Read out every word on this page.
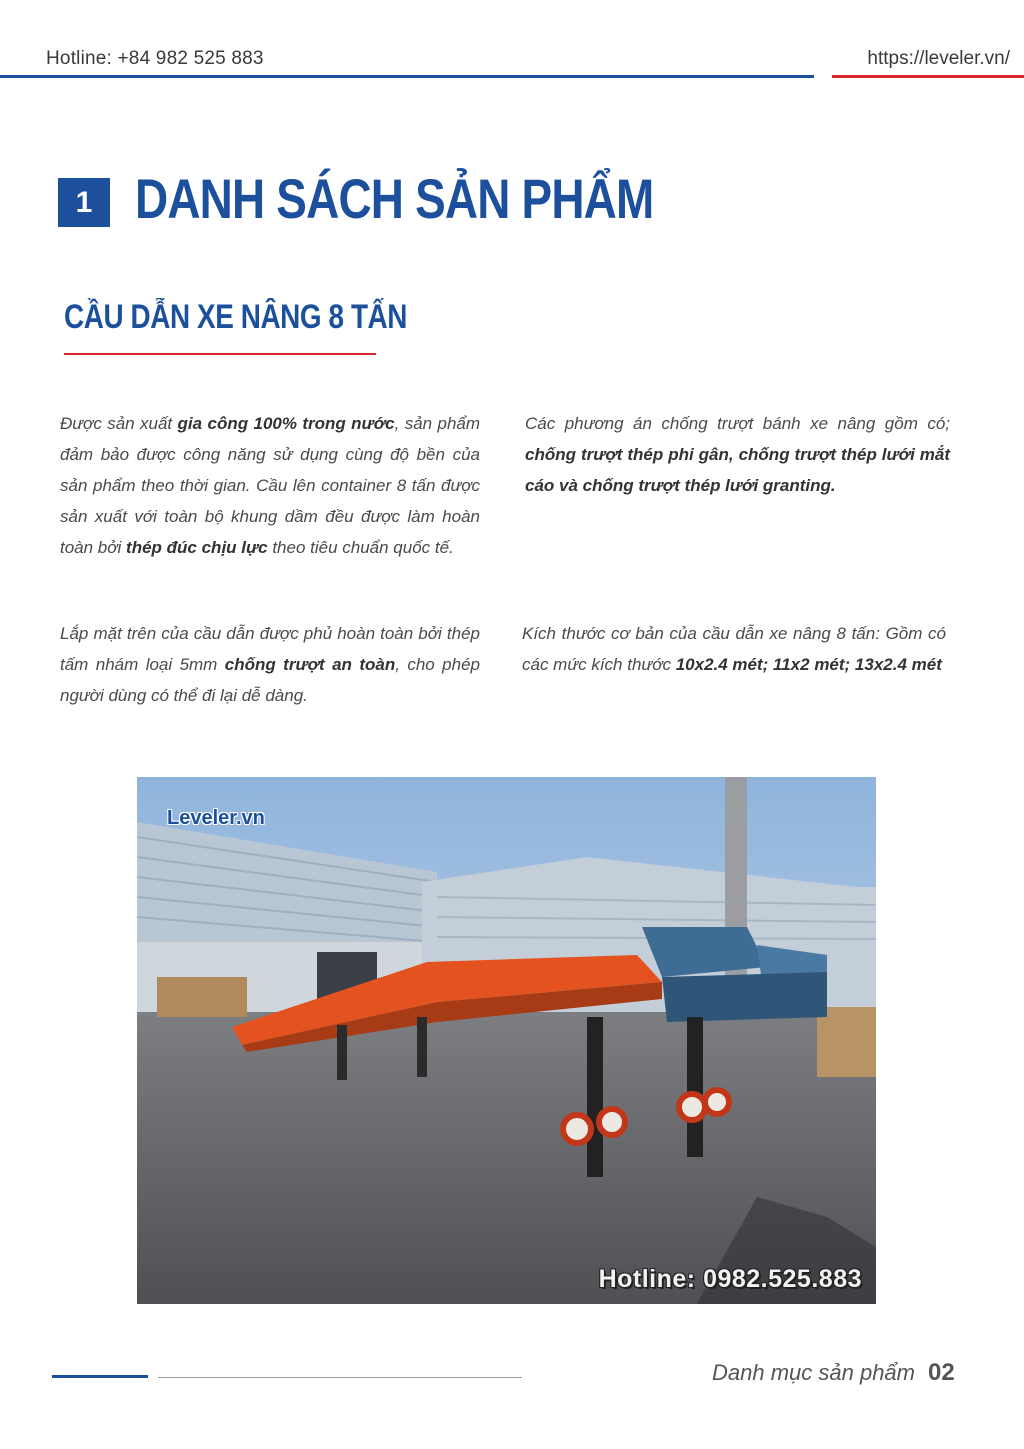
Hotline: +84 982 525 883	https://leveler.vn/
1 DANH SÁCH SẢN PHẨM
CẦU DẪN XE NÂNG 8 TẤN

Được sản xuất gia công 100% trong nước, sản phẩm đảm bảo được công năng sử dụng cùng độ bền của sản phẩm theo thời gian. Cầu lên container 8 tấn được sản xuất với toàn bộ khung dầm đều được làm hoàn toàn bởi thép đúc chịu lực theo tiêu chuẩn quốc tế.

Các phương án chống trượt bánh xe nâng gồm có; chống trượt thép phi gân, chống trượt thép lưới mắt cáo và chống trượt thép lưới granting.

Lắp mặt trên của cầu dẫn được phủ hoàn toàn bởi thép tấm nhám loại 5mm chống trượt an toàn, cho phép người dùng có thể đi lại dễ dàng.

Kích thước cơ bản của cầu dẫn xe nâng 8 tấn: Gồm có các mức kích thước 10x2.4 mét; 11x2 mét; 13x2.4 mét

Leveler.vn
Hotline: 0982.525.883
Danh mục sản phẩm 02
